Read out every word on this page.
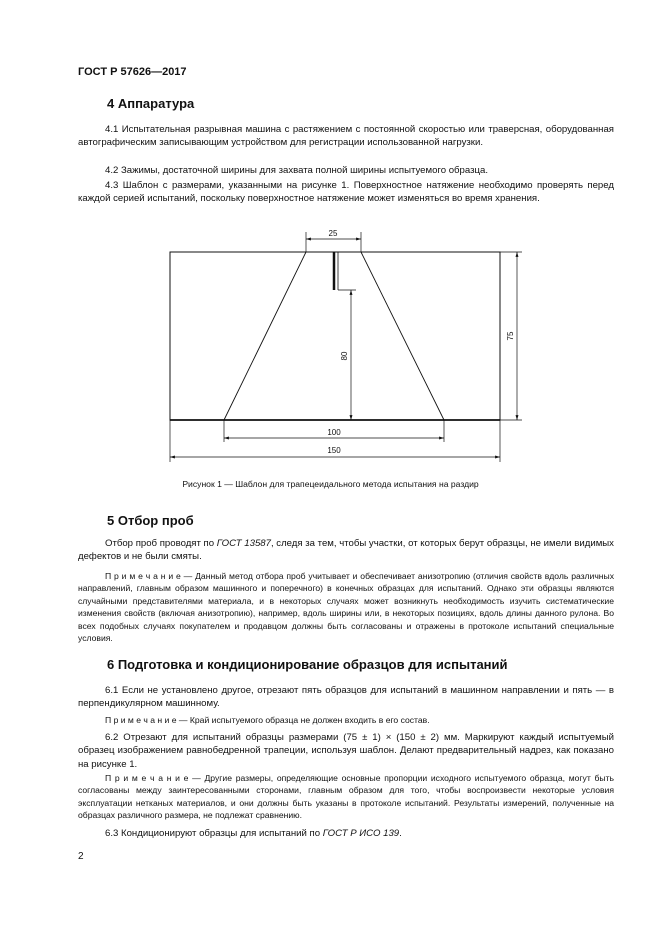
ГОСТ Р 57626—2017
4 Аппаратура
4.1 Испытательная разрывная машина с растяжением с постоянной скоростью или траверсная, оборудованная автографическим записывающим устройством для регистрации использованной нагрузки.
4.2 Зажимы, достаточной ширины для захвата полной ширины испытуемого образца.
4.3 Шаблон с размерами, указанными на рисунке 1. Поверхностное натяжение необходимо проверять перед каждой серией испытаний, поскольку поверхностное натяжение может изменяться во время хранения.
25
75
80
100
150
Рисунок 1 — Шаблон для трапецеидального метода испытания на раздир
5 Отбор проб
Отбор проб проводят по ГОСТ 13587, следя за тем, чтобы участки, от которых берут образцы, не имели видимых дефектов и не были смяты.
П р и м е ч а н и е — Данный метод отбора проб учитывает и обеспечивает анизотропию (отличия свойств вдоль различных направлений, главным образом машинного и поперечного) в конечных образцах для испытаний. Однако эти образцы являются случайными представителями материала, и в некоторых случаях может возникнуть необходимость изучить систематические изменения свойств (включая анизотропию), например, вдоль ширины или, в некоторых позициях, вдоль длины данного рулона. Во всех подобных случаях покупателем и продавцом должны быть согласованы и отражены в протоколе испытаний специальные условия.
6 Подготовка и кондиционирование образцов для испытаний
6.1 Если не установлено другое, отрезают пять образцов для испытаний в машинном направлении и пять — в перпендикулярном машинному.
П р и м е ч а н и е — Край испытуемого образца не должен входить в его состав.
6.2 Отрезают для испытаний образцы размерами (75 ± 1) × (150 ± 2) мм. Маркируют каждый испытуемый образец изображением равнобедренной трапеции, используя шаблон. Делают предварительный надрез, как показано на рисунке 1.
П р и м е ч а н и е — Другие размеры, определяющие основные пропорции исходного испытуемого образца, могут быть согласованы между заинтересованными сторонами, главным образом для того, чтобы воспроизвести некоторые условия эксплуатации нетканых материалов, и они должны быть указаны в протоколе испытаний. Результаты измерений, полученные на образцах различного размера, не подлежат сравнению.
6.3 Кондиционируют образцы для испытаний по ГОСТ Р ИСО 139.
2
